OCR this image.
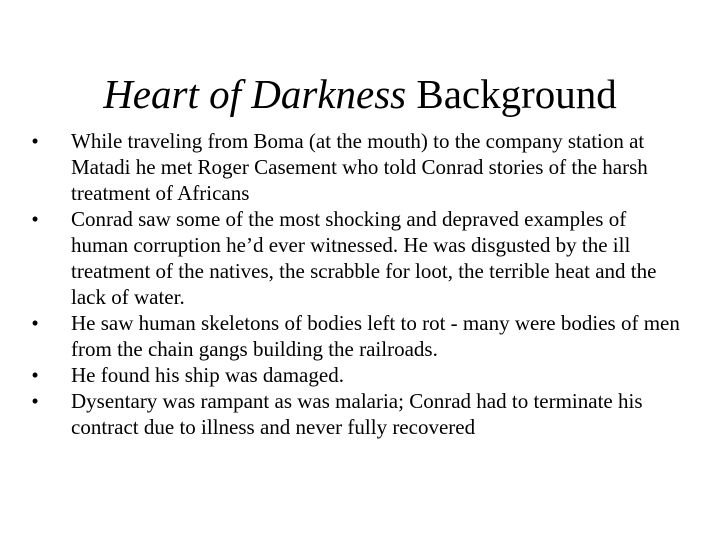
Heart of Darkness Background
• While traveling from Boma (at the mouth) to the company station at Matadi he met Roger Casement who told Conrad stories of the harsh treatment of Africans
• Conrad saw some of the most shocking and depraved examples of human corruption he’d ever witnessed. He was disgusted by the ill treatment of the natives, the scrabble for loot, the terrible heat and the lack of water.
• He saw human skeletons of bodies left to rot - many were bodies of men from the chain gangs building the railroads.
• He found his ship was damaged.
• Dysentary was rampant as was malaria; Conrad had to terminate his contract due to illness and never fully recovered
